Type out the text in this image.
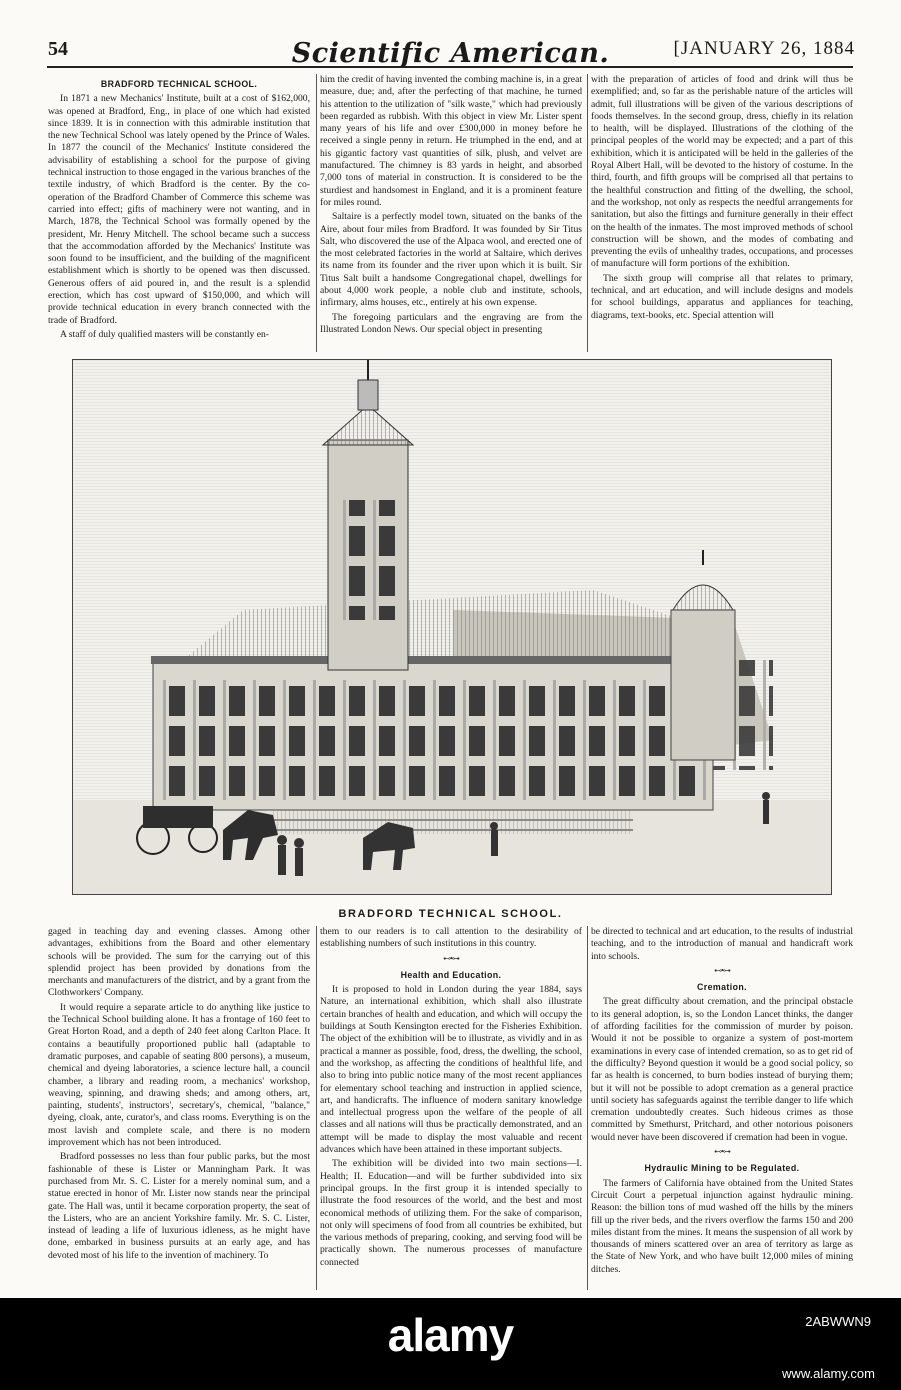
54	Scientific American.	[JANUARY 26, 1884
BRADFORD TECHNICAL SCHOOL.

In 1871 a new Mechanics' Institute, built at a cost of $162,000, was opened at Bradford, Eng., in place of one which had existed since 1839. It is in connection with this admirable institution that the new Technical School was lately opened by the Prince of Wales. In 1877 the council of the Mechanics' Institute considered the advisability of establishing a school for the purpose of giving technical instruction to those engaged in the various branches of the textile industry, of which Bradford is the center. By the co-operation of the Bradford Chamber of Commerce this scheme was carried into effect; gifts of machinery were not wanting, and in March, 1878, the Technical School was formally opened by the president, Mr. Henry Mitchell. The school became such a success that the accommodation afforded by the Mechanics' Institute was soon found to be insufficient, and the building of the magnificent establishment which is shortly to be opened was then discussed. Generous offers of aid poured in, and the result is a splendid erection, which has cost upward of $150,000, and which will provide technical education in every branch connected with the trade of Bradford.

A staff of duly qualified masters will be constantly en-

him the credit of having invented the combing machine is, in a great measure, due; and, after the perfecting of that machine, he turned his attention to the utilization of "silk waste," which had previously been regarded as rubbish. With this object in view Mr. Lister spent many years of his life and over £300,000 in money before he received a single penny in return. He triumphed in the end, and at his gigantic factory vast quantities of silk, plush, and velvet are manufactured. The chimney is 83 yards in height, and absorbed 7,000 tons of material in construction. It is considered to be the sturdiest and handsomest in England, and it is a prominent feature for miles round.

Saltaire is a perfectly model town, situated on the banks of the Aire, about four miles from Bradford. It was founded by Sir Titus Salt, who discovered the use of the Alpaca wool, and erected one of the most celebrated factories in the world at Saltaire, which derives its name from its founder and the river upon which it is built. Sir Titus Salt built a handsome Congregational chapel, dwellings for about 4,000 work people, a noble club and institute, schools, infirmary, alms houses, etc., entirely at his own expense.

The foregoing particulars and the engraving are from the Illustrated London News. Our special object in presenting

with the preparation of articles of food and drink will thus be exemplified; and, so far as the perishable nature of the articles will admit, full illustrations will be given of the various descriptions of foods themselves. In the second group, dress, chiefly in its relation to health, will be displayed. Illustrations of the clothing of the principal peoples of the world may be expected; and a part of this exhibition, which it is anticipated will be held in the galleries of the Royal Albert Hall, will be devoted to the history of costume. In the third, fourth, and fifth groups will be comprised all that pertains to the healthful construction and fitting of the dwelling, the school, and the workshop, not only as respects the needful arrangements for sanitation, but also the fittings and furniture generally in their effect on the health of the inmates. The most improved methods of school construction will be shown, and the modes of combating and preventing the evils of unhealthy trades, occupations, and processes of manufacture will form portions of the exhibition.

The sixth group will comprise all that relates to primary, technical, and art education, and will include designs and models for school buildings, apparatus and appliances for teaching, diagrams, text-books, etc. Special attention will

BRADFORD TECHNICAL SCHOOL.

gaged in teaching day and evening classes. Among other advantages, exhibitions from the Board and other elementary schools will be provided. The sum for the carrying out of this splendid project has been provided by donations from the merchants and manufacturers of the district, and by a grant from the Clothworkers' Company.

It would require a separate article to do anything like justice to the Technical School building alone. It has a frontage of 160 feet to Great Horton Road, and a depth of 240 feet along Carlton Place. It contains a beautifully proportioned public hall (adaptable to dramatic purposes, and capable of seating 800 persons), a museum, chemical and dyeing laboratories, a science lecture hall, a council chamber, a library and reading room, a mechanics' workshop, weaving, spinning, and drawing sheds; and among others, art, painting, students', instructors', secretary's, chemical, "balance," dyeing, cloak, ante, curator's, and class rooms. Everything is on the most lavish and complete scale, and there is no modern improvement which has not been introduced.

Bradford possesses no less than four public parks, but the most fashionable of these is Lister or Manningham Park. It was purchased from Mr. S. C. Lister for a merely nominal sum, and a statue erected in honor of Mr. Lister now stands near the principal gate. The Hall was, until it became corporation property, the seat of the Listers, who are an ancient Yorkshire family. Mr. S. C. Lister, instead of leading a life of luxurious idleness, as he might have done, embarked in business pursuits at an early age, and has devoted most of his life to the invention of machinery. To

them to our readers is to call attention to the desirability of establishing numbers of such institutions in this country.

⊷•⊶
Health and Education.

It is proposed to hold in London during the year 1884, says Nature, an international exhibition, which shall also illustrate certain branches of health and education, and which will occupy the buildings at South Kensington erected for the Fisheries Exhibition. The object of the exhibition will be to illustrate, as vividly and in as practical a manner as possible, food, dress, the dwelling, the school, and the workshop, as affecting the conditions of healthful life, and also to bring into public notice many of the most recent appliances for elementary school teaching and instruction in applied science, art, and handicrafts. The influence of modern sanitary knowledge and intellectual progress upon the welfare of the people of all classes and all nations will thus be practically demonstrated, and an attempt will be made to display the most valuable and recent advances which have been attained in these important subjects.

The exhibition will be divided into two main sections—I. Health; II. Education—and will be further subdivided into six principal groups. In the first group it is intended specially to illustrate the food resources of the world, and the best and most economical methods of utilizing them. For the sake of comparison, not only will specimens of food from all countries be exhibited, but the various methods of preparing, cooking, and serving food will be practically shown. The numerous processes of manufacture connected

be directed to technical and art education, to the results of industrial teaching, and to the introduction of manual and handicraft work into schools.

⊷•⊶
Cremation.

The great difficulty about cremation, and the principal obstacle to its general adoption, is, so the London Lancet thinks, the danger of affording facilities for the commission of murder by poison. Would it not be possible to organize a system of post-mortem examinations in every case of intended cremation, so as to get rid of the difficulty? Beyond question it would be a good social policy, so far as health is concerned, to burn bodies instead of burying them; but it will not be possible to adopt cremation as a general practice until society has safeguards against the terrible danger to life which cremation undoubtedly creates. Such hideous crimes as those committed by Smethurst, Pritchard, and other notorious poisoners would never have been discovered if cremation had been in vogue.

⊷•⊶
Hydraulic Mining to be Regulated.

The farmers of California have obtained from the United States Circuit Court a perpetual injunction against hydraulic mining. Reason: the billion tons of mud washed off the hills by the miners fill up the river beds, and the rivers overflow the farms 150 and 200 miles distant from the mines. It means the suspension of all work by thousands of miners scattered over an area of territory as large as the State of New York, and who have built 12,000 miles of mining ditches.

alamy	2ABWWN9
www.alamy.com
